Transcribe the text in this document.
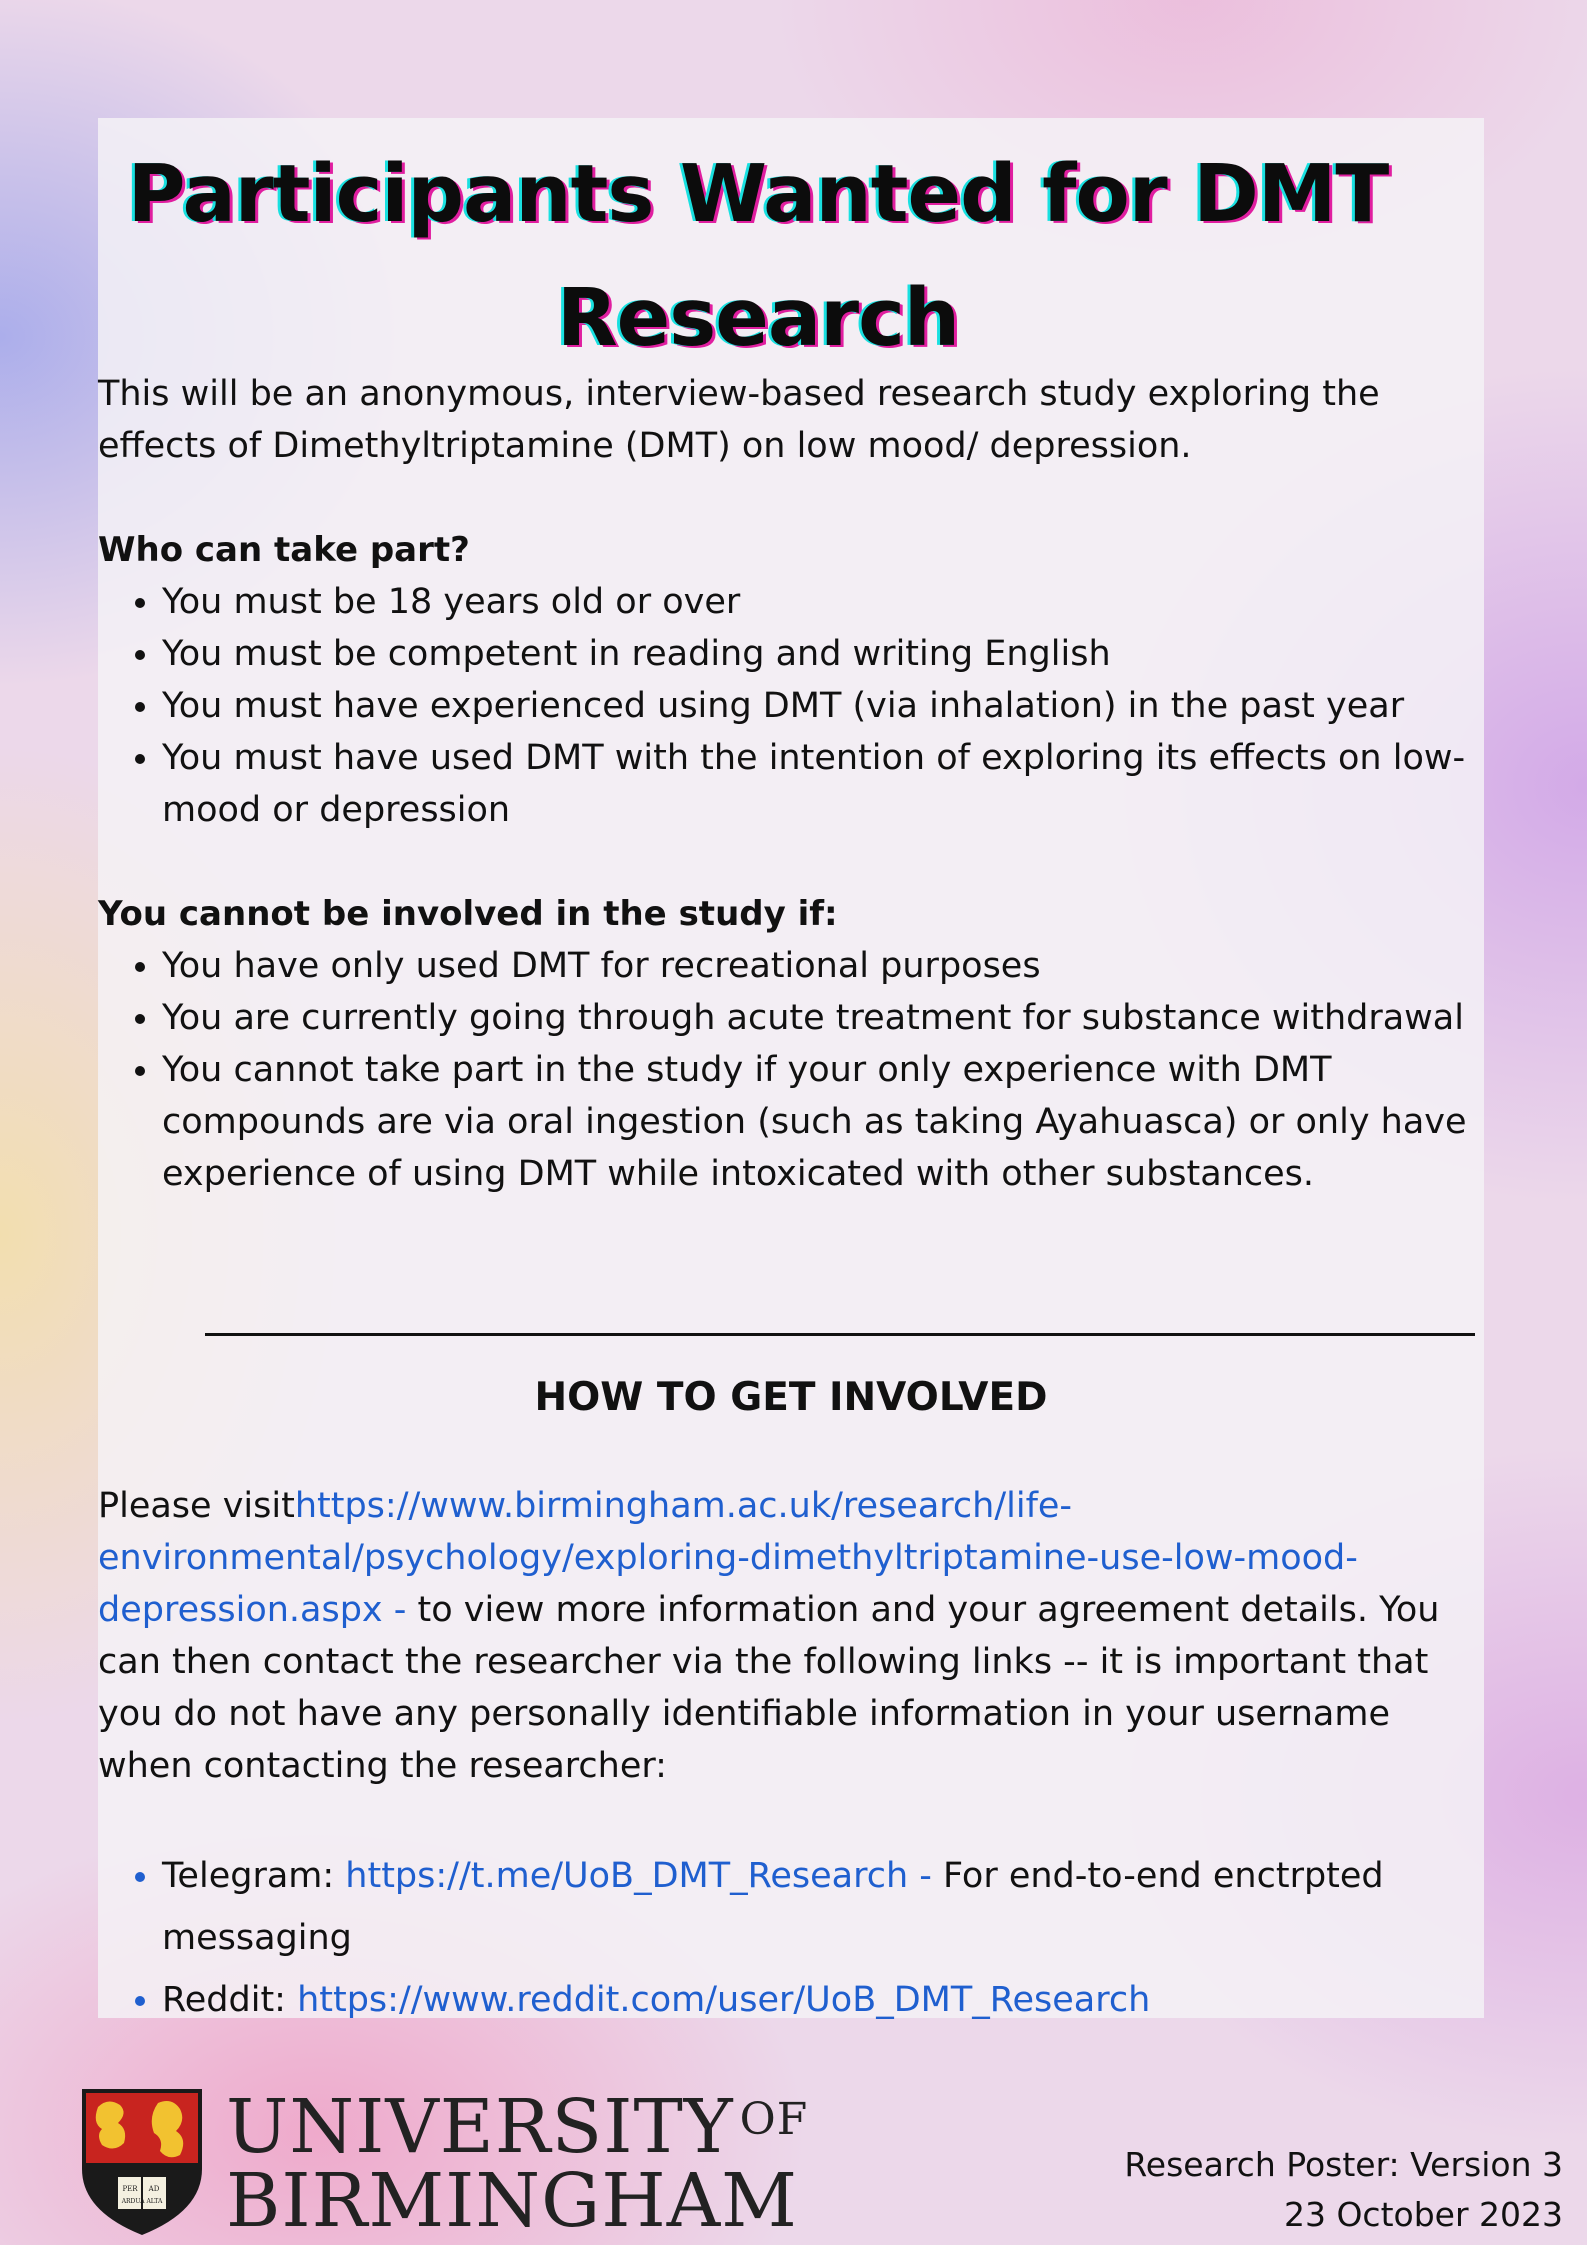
Participants Wanted for DMT
Research

This will be an anonymous, interview-based research study exploring the effects of Dimethyltriptamine (DMT) on low mood/ depression.

Who can take part?

• You must be 18 years old or over
• You must be competent in reading and writing English
• You must have experienced using DMT (via inhalation) in the past year
• You must have used DMT with the intention of exploring its effects on low-mood or depression

You cannot be involved in the study if:

• You have only used DMT for recreational purposes
• You are currently going through acute treatment for substance withdrawal
• You cannot take part in the study if your only experience with DMT compounds are via oral ingestion (such as taking Ayahuasca) or only have experience of using DMT while intoxicated with other substances.
HOW TO GET INVOLVED

Please visithttps://www.birmingham.ac.uk/research/life-environmental/psychology/exploring-dimethyltriptamine-use-low-mood-depression.aspx - to view more information and your agreement details. You can then contact the researcher via the following links -- it is important that you do not have any personally identifiable information in your username when contacting the researcher:

• Telegram: https://t.me/UoB_DMT_Research - For end-to-end enctrpted messaging
• Reddit: https://www.reddit.com/user/UoB_DMT_Research
PER AD
ARDUA ALTA
UNIVERSITY $^{OF}$
BIRMINGHAM	Research Poster: Version 3
23 October 2023
